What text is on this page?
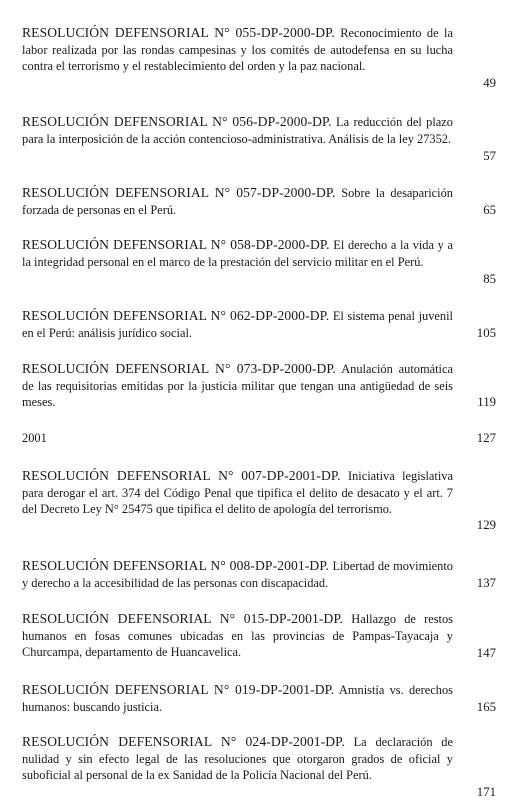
RESOLUCIÓN DEFENSORIAL N° 055-DP-2000-DP. Reconocimiento de la labor realizada por las rondas campesinas y los comités de autodefensa en su lucha contra el terrorismo y el restablecimiento del orden y la paz nacional.
49
RESOLUCIÓN DEFENSORIAL N° 056-DP-2000-DP. La reducción del plazo para la interposición de la acción contencioso-administrativa. Análisis de la ley 27352.
57
RESOLUCIÓN DEFENSORIAL N° 057-DP-2000-DP. Sobre la desaparición forzada de personas en el Perú.	65
RESOLUCIÓN DEFENSORIAL N° 058-DP-2000-DP. El derecho a la vida y a la integridad personal en el marco de la prestación del servicio militar en el Perú.
85
RESOLUCIÓN DEFENSORIAL N° 062-DP-2000-DP. El sistema penal juvenil en el Perú: análisis jurídico social.	105
RESOLUCIÓN DEFENSORIAL N° 073-DP-2000-DP. Anulación automática de las requisitorias emitidas por la justicia militar que tengan una antigüedad de seis meses.	119
2001	127
RESOLUCIÓN DEFENSORIAL N° 007-DP-2001-DP. Iniciativa legislativa para derogar el art. 374 del Código Penal que tipifica el delito de desacato y el art. 7 del Decreto Ley N° 25475 que tipifica el delito de apología del terrorismo.
129
RESOLUCIÓN DEFENSORIAL N° 008-DP-2001-DP. Libertad de movimiento y derecho a la accesibilidad de las personas con discapacidad.	137
RESOLUCIÓN DEFENSORIAL N° 015-DP-2001-DP. Hallazgo de restos humanos en fosas comunes ubicadas en las provincias de Pampas-Tayacaja y Churcampa, departamento de Huancavelica.	147
RESOLUCIÓN DEFENSORIAL N° 019-DP-2001-DP. Amnistía vs. derechos humanos: buscando justicia.	165
RESOLUCIÓN DEFENSORIAL N° 024-DP-2001-DP. La declaración de nulidad y sin efecto legal de las resoluciones que otorgaron grados de oficial y suboficial al personal de la ex Sanidad de la Policía Nacional del Perú.
171
